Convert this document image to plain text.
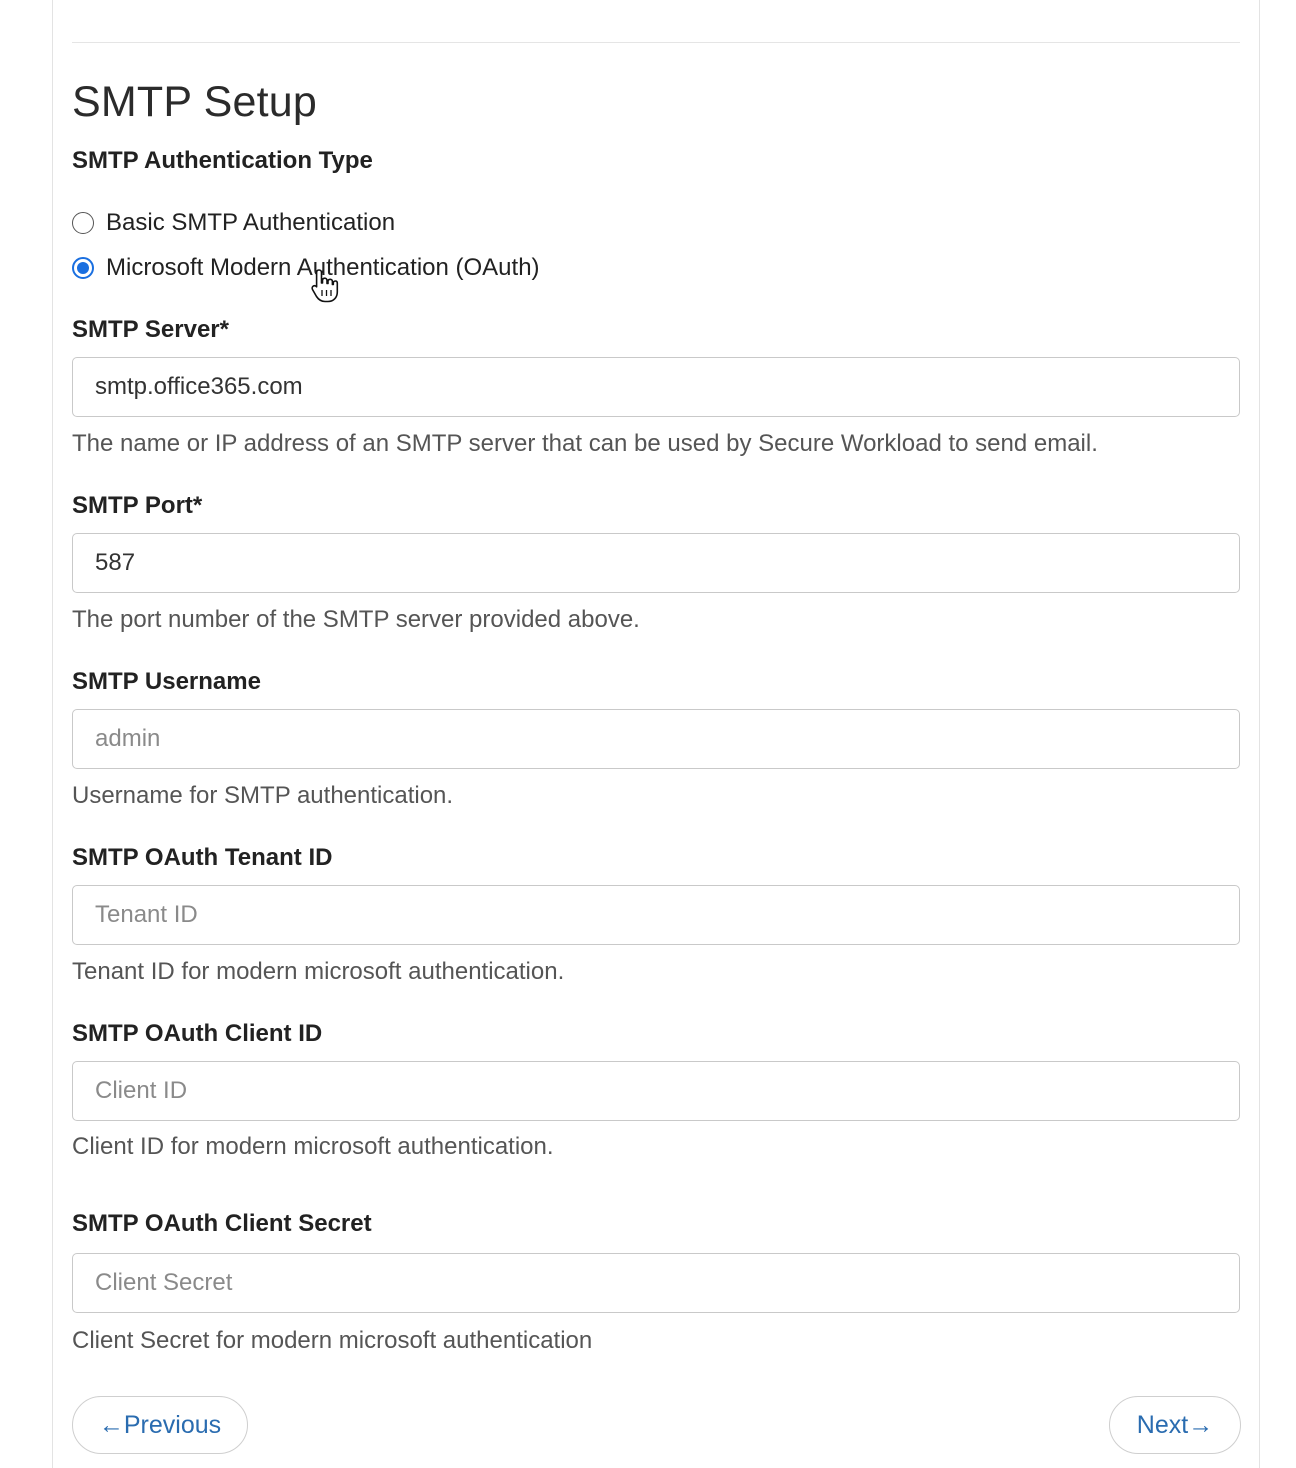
SMTP Setup
SMTP Authentication Type
Basic SMTP Authentication
Microsoft Modern Authentication (OAuth)
SMTP Server*
smtp.office365.com
The name or IP address of an SMTP server that can be used by Secure Workload to send email.
SMTP Port*
587
The port number of the SMTP server provided above.
SMTP Username
admin
Username for SMTP authentication.
SMTP OAuth Tenant ID
Tenant ID
Tenant ID for modern microsoft authentication.
SMTP OAuth Client ID
Client ID
Client ID for modern microsoft authentication.
SMTP OAuth Client Secret
Client Secret
Client Secret for modern microsoft authentication
←Previous	Next→
